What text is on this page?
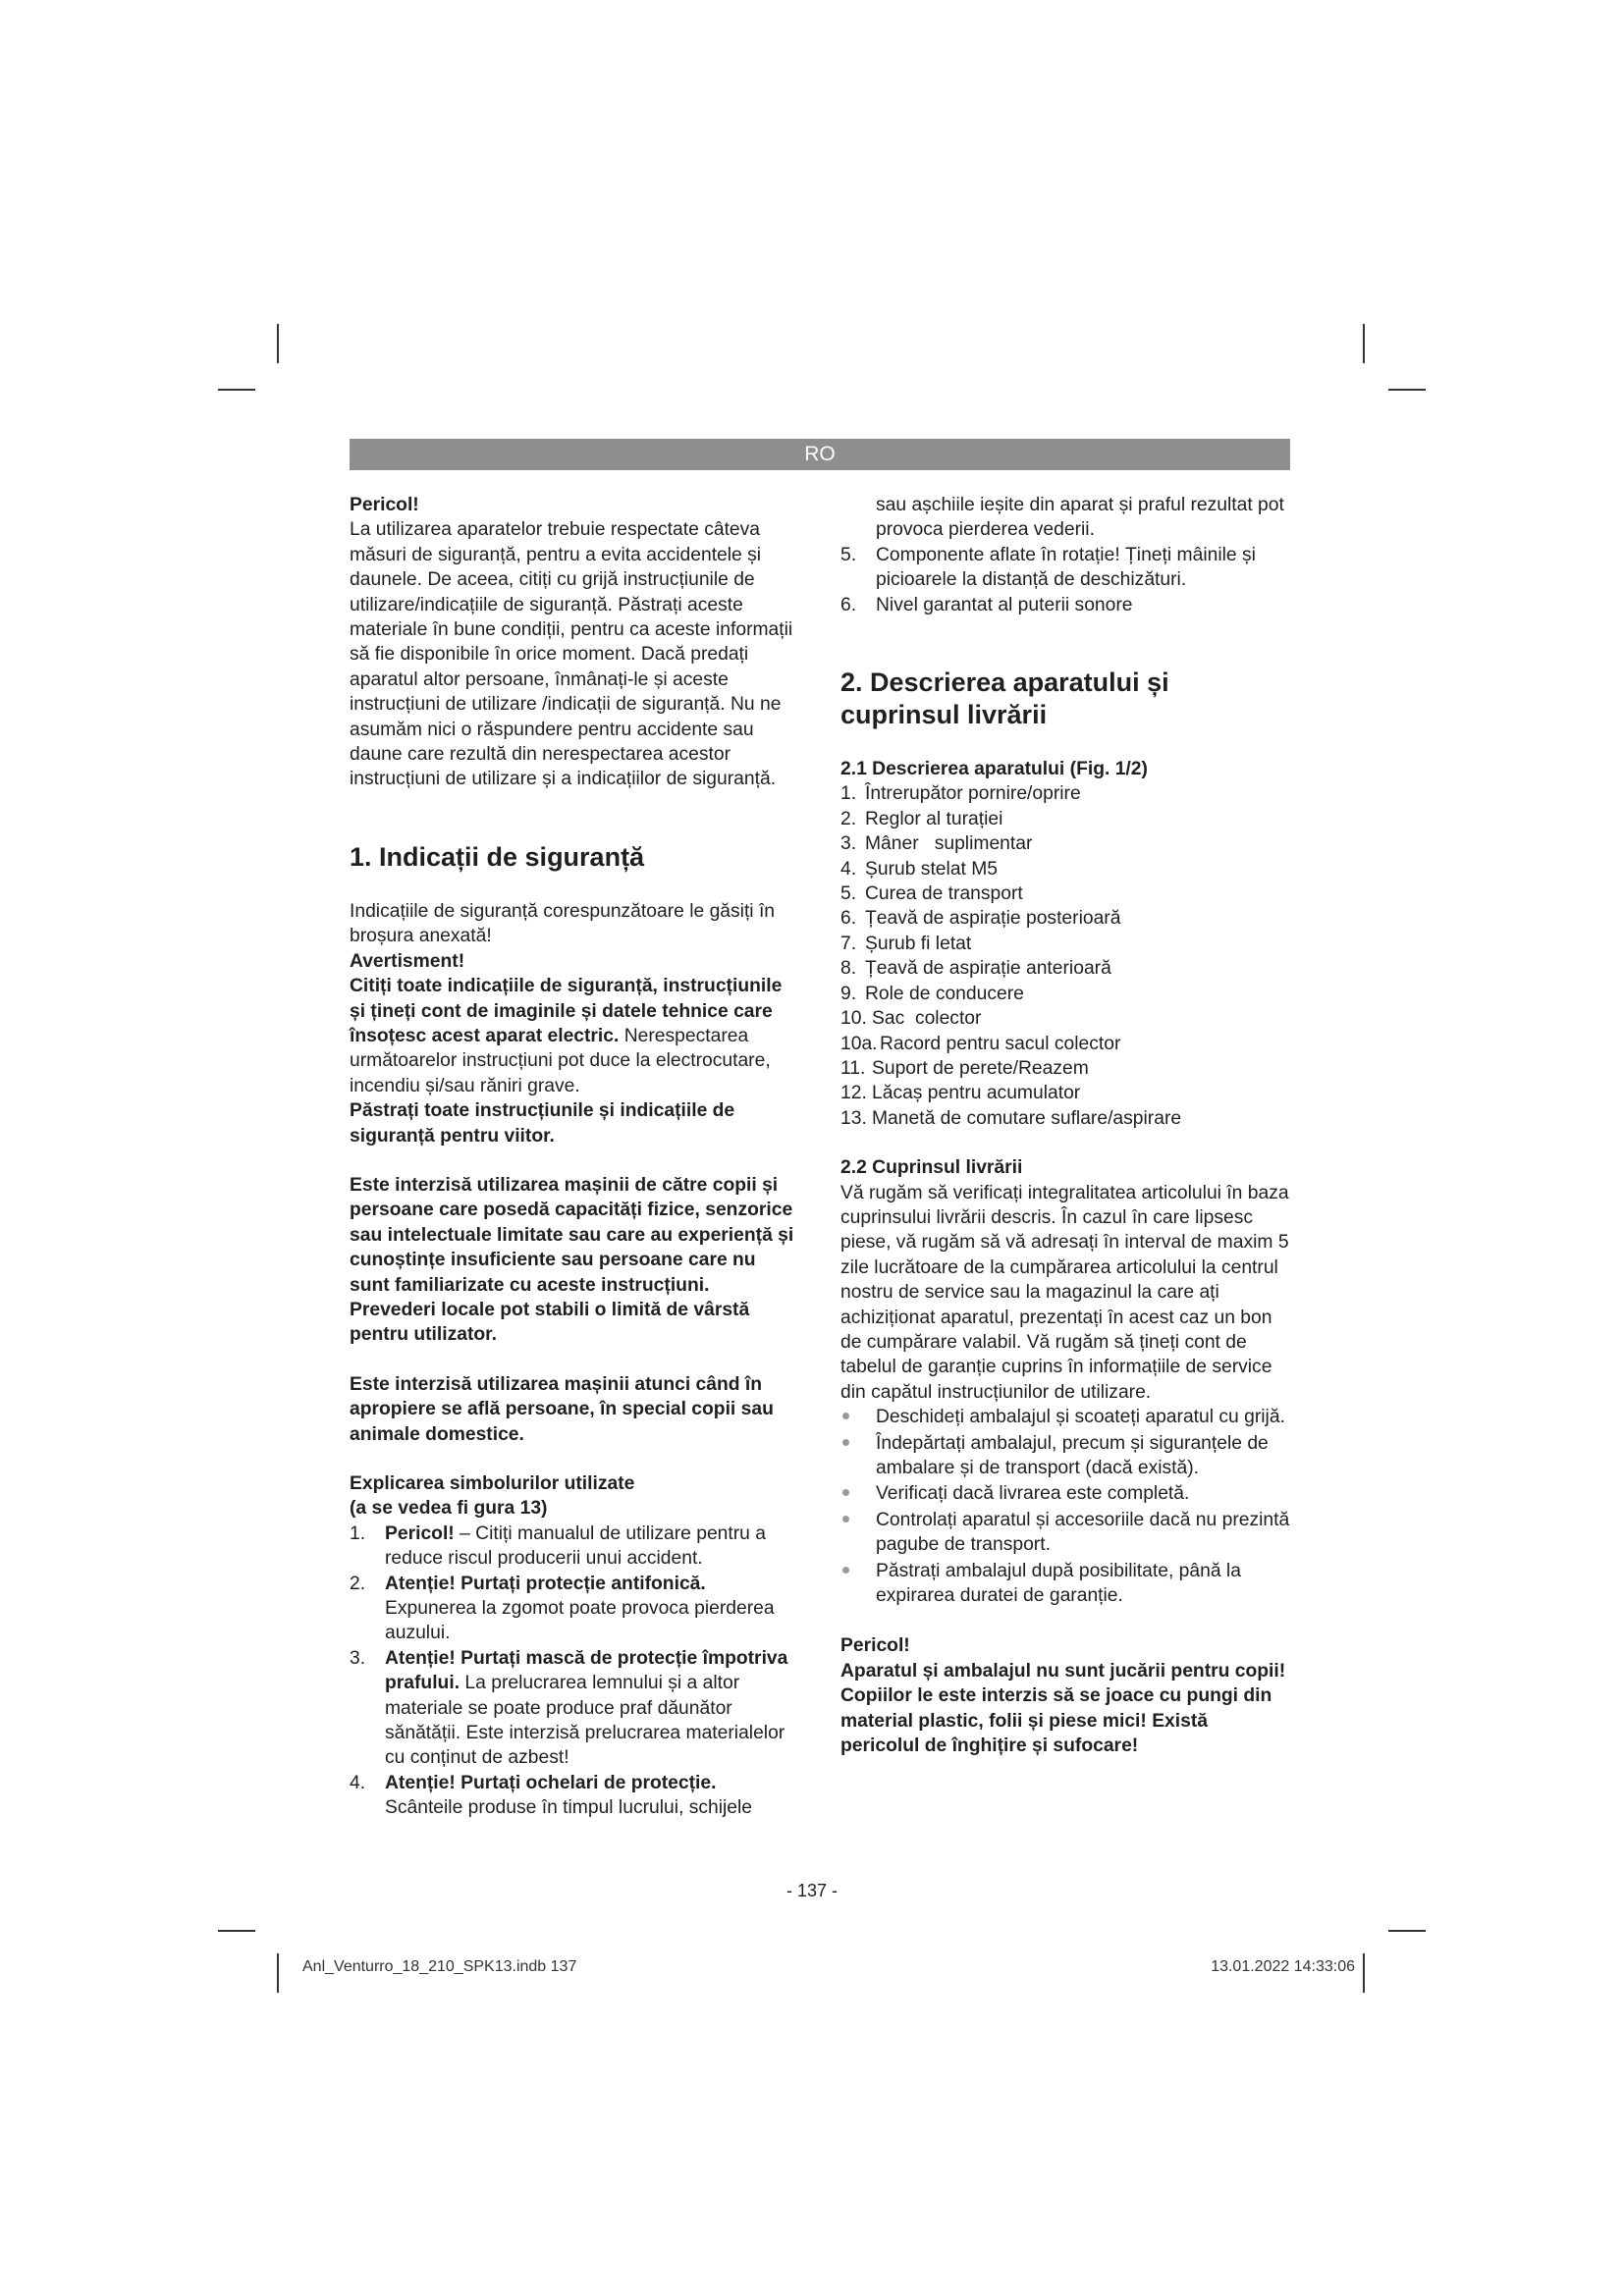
RO

Pericol!

La utilizarea aparatelor trebuie respectate câteva măsuri de siguranță, pentru a evita accidentele și daunele. De aceea, citiți cu grijă instrucțiunile de utilizare/indicațiile de siguranță. Păstrați aceste materiale în bune condiții, pentru ca aceste informații să fie disponibile în orice moment. Dacă predați aparatul altor persoane, înmânați-le și aceste instrucțiuni de utilizare /indicații de siguranță. Nu ne asumăm nici o răspundere pentru accidente sau daune care rezultă din nerespectarea acestor instrucțiuni de utilizare și a indicațiilor de siguranță.

1. Indicații de siguranță

Indicațiile de siguranță corespunzătoare le găsiți în broșura anexată!

Avertisment!

Citiți toate indicațiile de siguranță, instrucțiunile și țineți cont de imaginile și datele tehnice care însoțesc acest aparat electric. Nerespectarea următoarelor instrucțiuni pot duce la electrocutare, incendiu și/sau răniri grave.

Păstrați toate instrucțiunile și indicațiile de siguranță pentru viitor.

Este interzisă utilizarea mașinii de către copii și persoane care posedă capacități fizice, senzorice sau intelectuale limitate sau care au experiență și cunoștințe insuficiente sau persoane care nu sunt familiarizate cu aceste instrucțiuni. Prevederi locale pot stabili o limită de vârstă pentru utilizator.

Este interzisă utilizarea mașinii atunci când în apropiere se află persoane, în special copii sau animale domestice.

Explicarea simbolurilor utilizate

(a se vedea fi gura 13)

1. Pericol! – Citiți manualul de utilizare pentru a reduce riscul producerii unui accident.
2. Atenție! Purtați protecție antifonică. Expunerea la zgomot poate provoca pierderea auzului.
3. Atenție! Purtați mască de protecție împotriva prafului. La prelucrarea lemnului și a altor materiale se poate produce praf dăunător sănătății. Este interzisă prelucrarea materialelor cu conținut de azbest!
4. Atenție! Purtați ochelari de protecție. Scânteile produse în timpul lucrului, schijele
sau așchiile ieșite din aparat și praful rezultat pot provoca pierderea vederii.
5. Componente aflate în rotație! Țineți mâinile și picioarele la distanță de deschizături.
6. Nivel garantat al puterii sonore
2. Descrierea aparatului și cuprinsul livrării

2.1 Descrierea aparatului (Fig. 1/2)

1. Întrerupător pornire/oprire
2. Reglor al turației
3. Mâner   suplimentar
4. Șurub stelat M5
5. Curea de transport
6. Țeavă de aspirație posterioară
7. Șurub fi letat
8. Țeavă de aspirație anterioară
9. Role de conducere
10. Sac  colector
10a. Racord pentru sacul colector
11. Suport de perete/Reazem
12. Lăcaș pentru acumulator
13. Manetă de comutare suflare/aspirare

2.2 Cuprinsul livrării

Vă rugăm să verificați integralitatea articolului în baza cuprinsului livrării descris. În cazul în care lipsesc piese, vă rugăm să vă adresați în interval de maxim 5 zile lucrătoare de la cumpărarea articolului la centrul nostru de service sau la magazinul la care ați achiziționat aparatul, prezentați în acest caz un bon de cumpărare valabil. Vă rugăm să țineți cont de tabelul de garanție cuprins în informațiile de service din capătul instrucțiunilor de utilizare.

Deschideți ambalajul și scoateți aparatul cu grijă.
Îndepărtați ambalajul, precum și siguranțele de ambalare și de transport (dacă există).
Verificați dacă livrarea este completă.
Controlați aparatul și accesoriile dacă nu prezintă pagube de transport.
Păstrați ambalajul după posibilitate, până la expirarea duratei de garanție.

Pericol!

Aparatul și ambalajul nu sunt jucării pentru copii! Copiilor le este interzis să se joace cu pungi din material plastic, folii și piese mici! Există pericolul de înghițire și sufocare!

- 137 -
Anl_Venturro_18_210_SPK13.indb 137	13.01.2022 14:33:06
